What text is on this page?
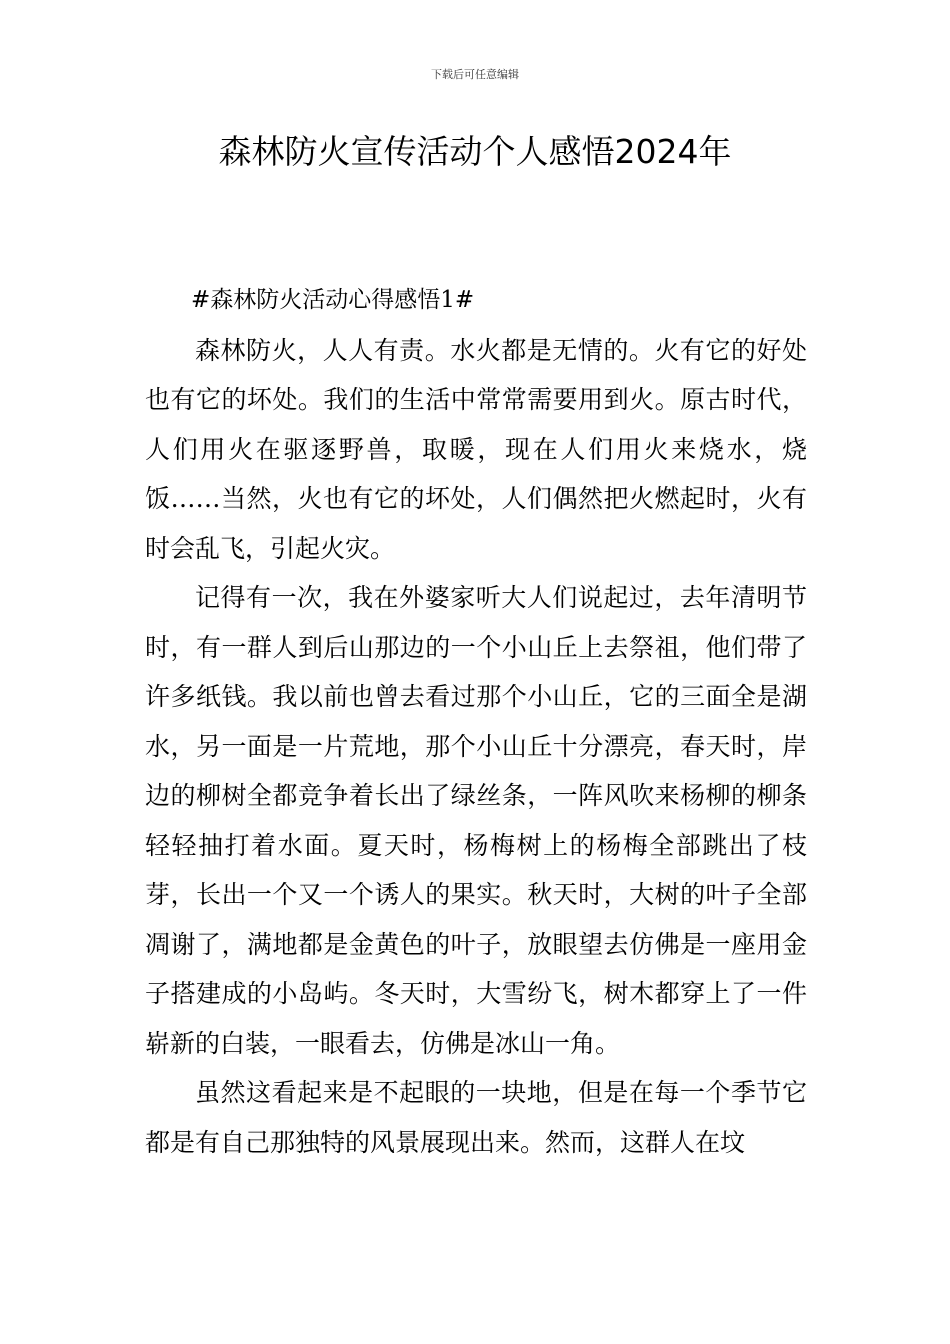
下载后可任意编辑
森林防火宣传活动个人感悟2024年
#森林防火活动心得感悟1#

森林防火，人人有责。水火都是无情的。火有它的好处也有它的坏处。我们的生活中常常需要用到火。原古时代，人们用火在驱逐野兽，取暖，现在人们用火来烧水，烧饭……当然，火也有它的坏处，人们偶然把火燃起时，火有时会乱飞，引起火灾。

记得有一次，我在外婆家听大人们说起过，去年清明节时，有一群人到后山那边的一个小山丘上去祭祖，他们带了许多纸钱。我以前也曾去看过那个小山丘，它的三面全是湖水，另一面是一片荒地，那个小山丘十分漂亮，春天时，岸边的柳树全都竞争着长出了绿丝条，一阵风吹来杨柳的柳条轻轻抽打着水面。夏天时，杨梅树上的杨梅全部跳出了枝芽，长出一个又一个诱人的果实。秋天时，大树的叶子全部凋谢了，满地都是金黄色的叶子，放眼望去仿佛是一座用金子搭建成的小岛屿。冬天时，大雪纷飞，树木都穿上了一件崭新的白装，一眼看去，仿佛是冰山一角。

虽然这看起来是不起眼的一块地，但是在每一个季节它都是有自己那独特的风景展现出来。然而，这群人在坟
